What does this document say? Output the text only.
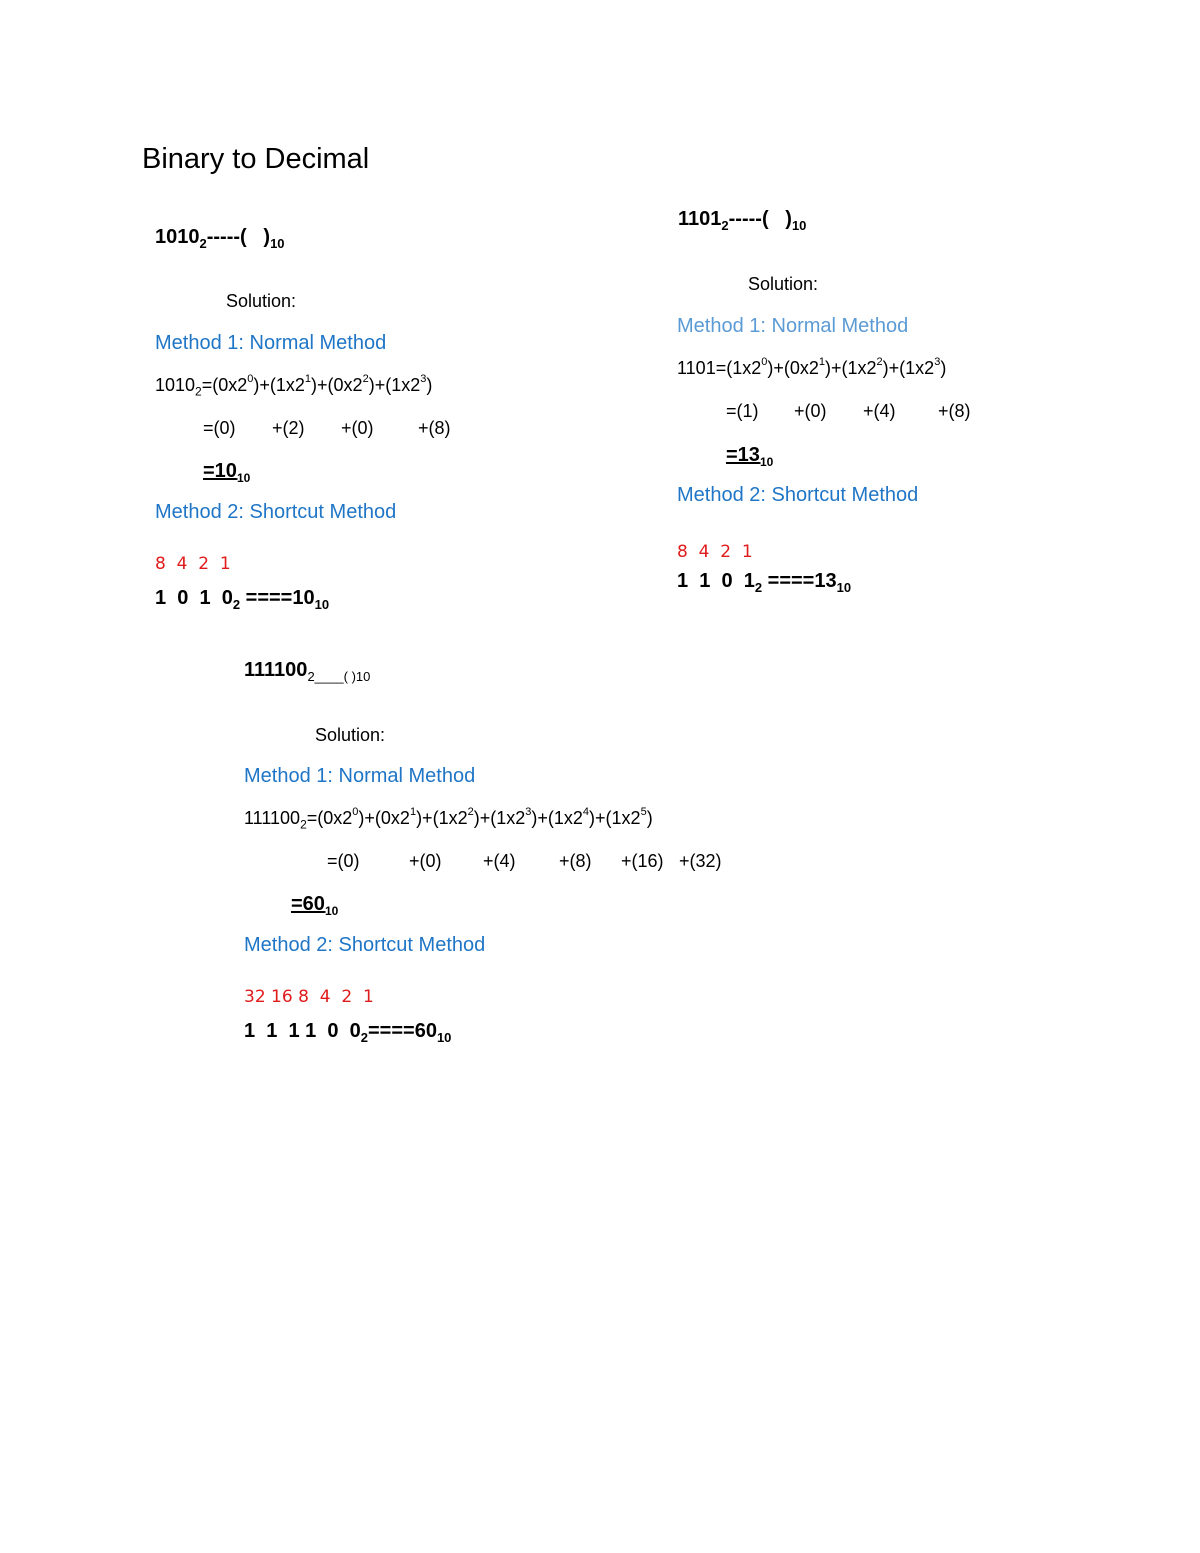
Binary to Decimal
$1010_2-----$( )$_{10}$
Solution:
Method 1: Normal Method
$1010_2=(0x2^0)+(1x2^1)+(0x2^2)+(1x2^3)$
=(0) +(2) +(0) +(8)
$=10_{10}$
Method 2: Shortcut Method
8  4  2  1
1  0  1  $0_2 ====10_{10}$
$1101_2-----$( )$_{10}$
Solution:
Method 1: Normal Method
$1101=(1x2^0)+(0x2^1)+(1x2^2)+(1x2^3)$
=(1) +(0) +(4) +(8)
$=13_{10}$
Method 2: Shortcut Method
8  4  2  1
1  1  0  $1_2 ====13_{10}$
$111100_{2\_\_\_\_( )10}$
Solution:
Method 1: Normal Method
$111100_2=(0x2^0)+(0x2^1)+(1x2^2)+(1x2^3)+(1x2^4)+(1x2^5)$
=(0)	+(0) +(4) +(8) +(16) +(32)
$=60_{10}$
Method 2: Shortcut Method
32 16 8  4  2  1
1  1  1 1  0  $0_2====60_{10}$
